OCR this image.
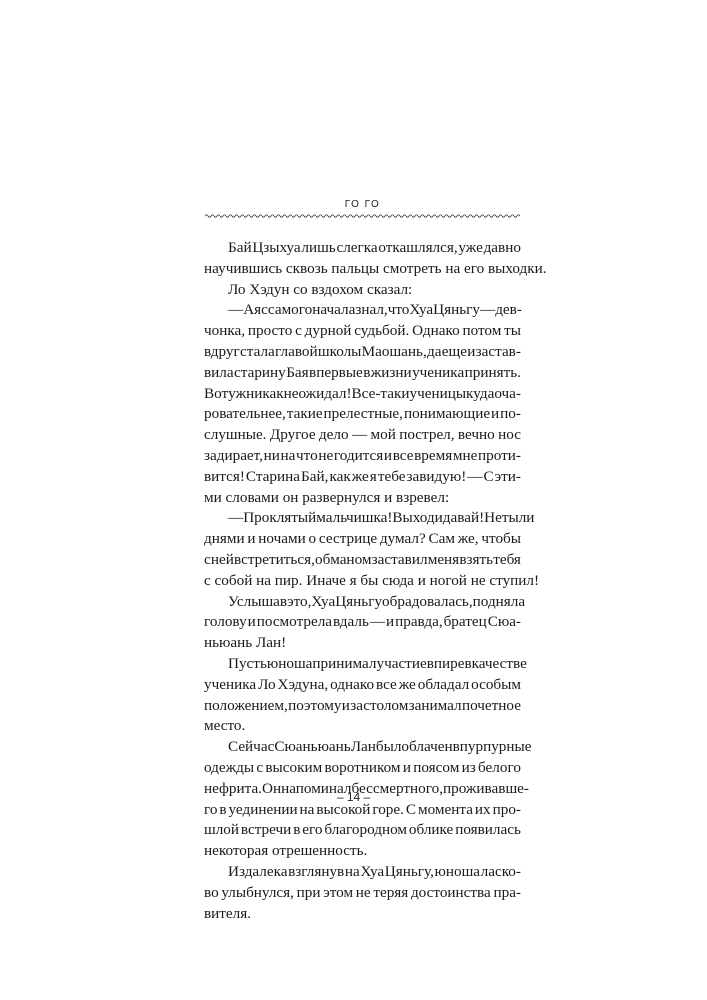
ГО ГО
Бай Цзыхуа лишь слегка откашлялся, уже давно
научившись сквозь пальцы смотреть на его выходки.
Ло Хэдун со вздохом сказал:
— А я с самого начала знал, что Хуа Цяньгу — дев-
чонка, просто с дурной судьбой. Однако потом ты
вдруг стала главой школы Маошань, да еще и застав-
вила старину Бая впервые в жизни ученика принять.
Вот уж никак не ожидал! Все-таки ученицы куда оча-
ровательнее, такие прелестные, понимающие и по-
слушные. Другое дело — мой пострел, вечно нос
задирает, ни на что не годится и все время мне проти-
вится! Старина Бай, как же я тебе завидую! — С эти-
ми словами он развернулся и взревел:
— Проклятый мальчишка! Выходи давай! Не ты ли
днями и ночами о сестрице думал? Сам же, чтобы
с ней встретиться, обманом заставил меня взять тебя
с собой на пир. Иначе я бы сюда и ногой не ступил!
Услышав это, Хуа Цяньгу обрадовалась, подняла
голову и посмотрела вдаль — и правда, братец Сюа-
ньюань Лан!
Пусть юноша принимал участие в пире в качестве
ученика Ло Хэдуна, однако все же обладал особым
положением, поэтому и за столом занимал почетное
место.
Сейчас Сюаньюань Лан был облачен в пурпурные
одежды с высоким воротником и поясом из белого
нефрита. Он напоминал бессмертного, проживавше-
го в уединении на высокой горе. С момента их про-
шлой встречи в его благородном облике появилась
некоторая отрешенность.
Издалека взглянув на Хуа Цяньгу, юноша ласко-
во улыбнулся, при этом не теряя достоинства пра-
вителя.
– 14 –
